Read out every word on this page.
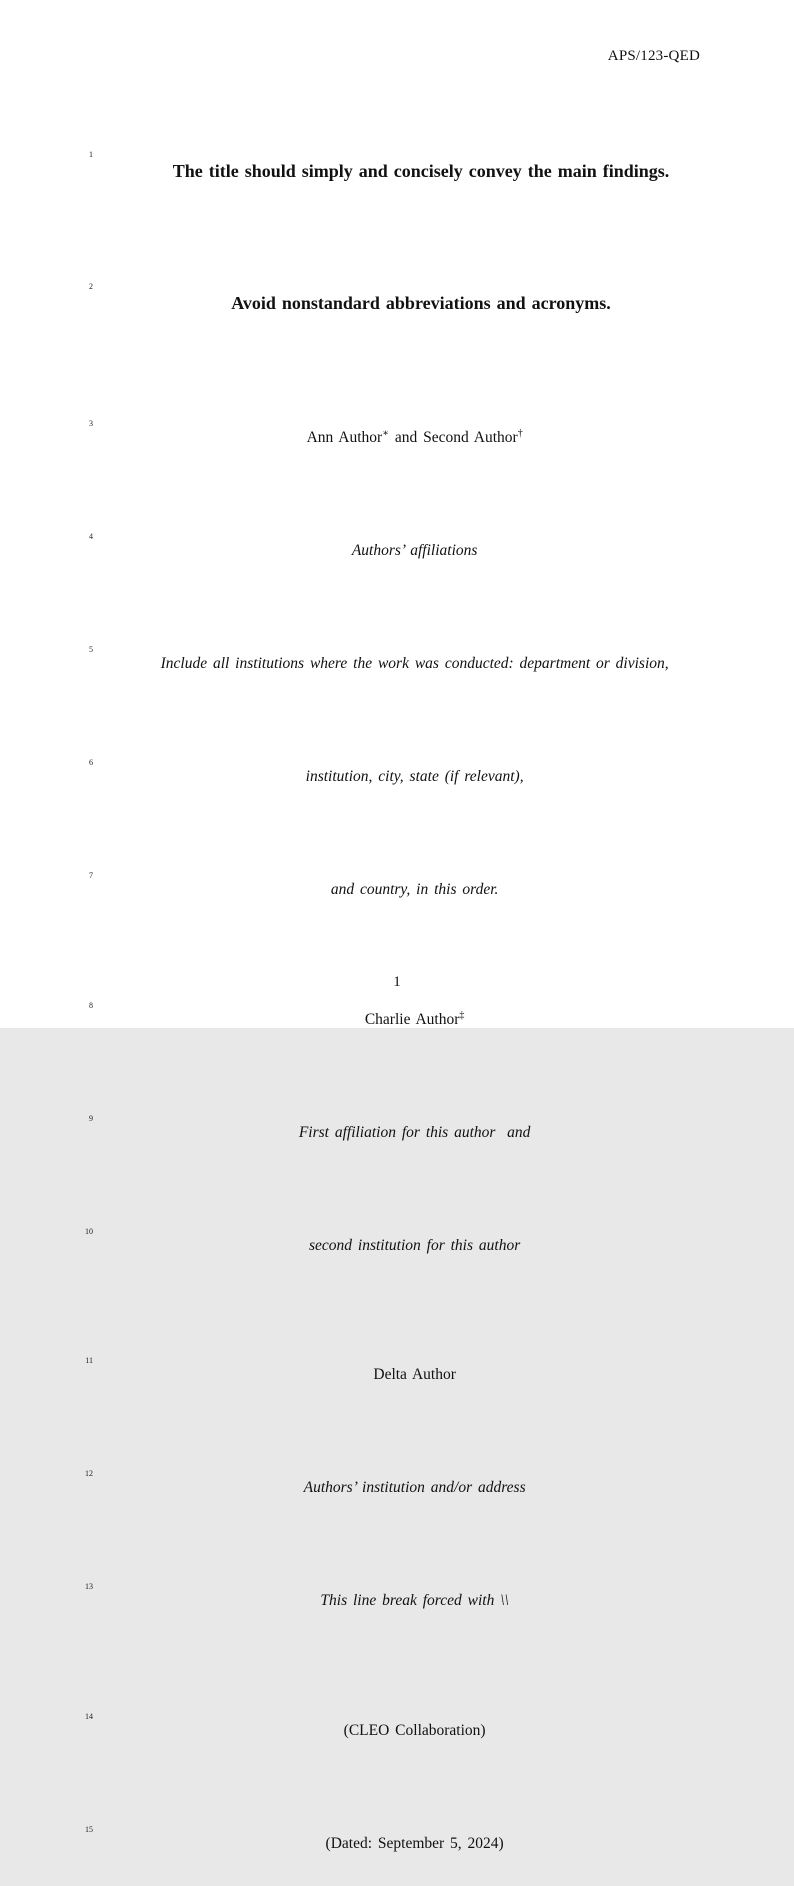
APS/123-QED

1

The title should simply and concisely convey the main findings.

2

Avoid nonstandard abbreviations and acronyms.

3

Ann Author∗ and Second Author†

4

Authors’ affiliations

5

Include all institutions where the work was conducted: department or division,

6

institution, city, state (if relevant),

7

and country, in this order.

8

Charlie Author‡

9

First affiliation for this author  and

10

second institution for this author

11

Delta Author

12

Authors’ institution and/or address

13

This line break forced with \\

14

(CLEO Collaboration)

15

(Dated: September 5, 2024)

1
